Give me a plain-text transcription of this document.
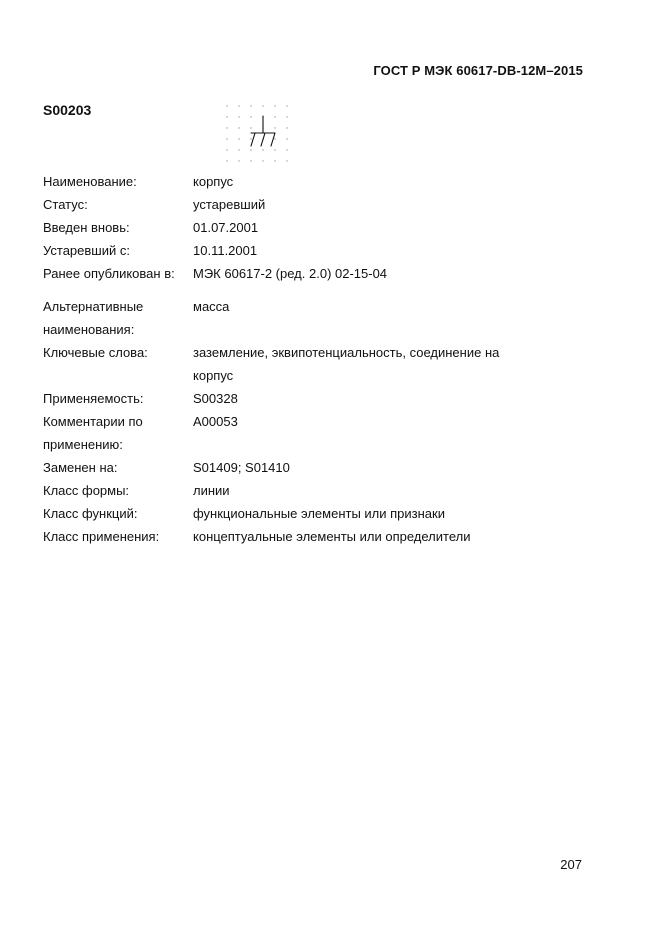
ГОСТ Р МЭК 60617-DB-12M–2015
S00203
Наименование:	корпус
Статус:	устаревший
Введен вновь:	01.07.2001
Устаревший с:	10.11.2001
Ранее опубликован в:	МЭК 60617-2 (ред. 2.0) 02-15-04
Альтернативные
наименования:
масса
Ключевые слова:	заземление, эквипотенциальность, соединение на
корпус
Применяемость:	S00328
Комментарии по
применению:
A00053
Заменен на:	S01409; S01410
Класс формы:	линии
Класс функций:	функциональные элементы или признаки
Класс применения:	концептуальные элементы или определители
207
